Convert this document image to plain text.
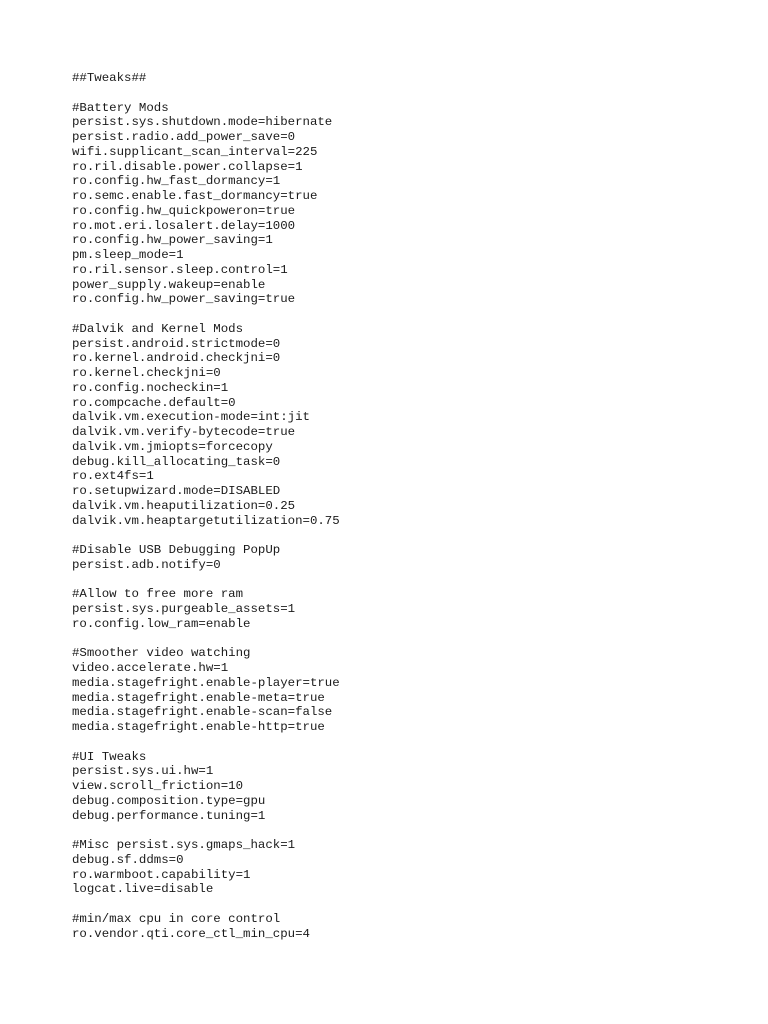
##Tweaks##
#Battery Mods
persist.sys.shutdown.mode=hibernate
persist.radio.add_power_save=0
wifi.supplicant_scan_interval=225
ro.ril.disable.power.collapse=1
ro.config.hw_fast_dormancy=1
ro.semc.enable.fast_dormancy=true
ro.config.hw_quickpoweron=true
ro.mot.eri.losalert.delay=1000
ro.config.hw_power_saving=1
pm.sleep_mode=1
ro.ril.sensor.sleep.control=1
power_supply.wakeup=enable
ro.config.hw_power_saving=true
#Dalvik and Kernel Mods
persist.android.strictmode=0
ro.kernel.android.checkjni=0
ro.kernel.checkjni=0
ro.config.nocheckin=1
ro.compcache.default=0
dalvik.vm.execution-mode=int:jit
dalvik.vm.verify-bytecode=true
dalvik.vm.jmiopts=forcecopy
debug.kill_allocating_task=0
ro.ext4fs=1
ro.setupwizard.mode=DISABLED
dalvik.vm.heaputilization=0.25
dalvik.vm.heaptargetutilization=0.75
#Disable USB Debugging PopUp
persist.adb.notify=0
#Allow to free more ram
persist.sys.purgeable_assets=1
ro.config.low_ram=enable
#Smoother video watching
video.accelerate.hw=1
media.stagefright.enable-player=true
media.stagefright.enable-meta=true
media.stagefright.enable-scan=false
media.stagefright.enable-http=true
#UI Tweaks
persist.sys.ui.hw=1
view.scroll_friction=10
debug.composition.type=gpu
debug.performance.tuning=1
#Misc persist.sys.gmaps_hack=1
debug.sf.ddms=0
ro.warmboot.capability=1
logcat.live=disable
#min/max cpu in core control
ro.vendor.qti.core_ctl_min_cpu=4
